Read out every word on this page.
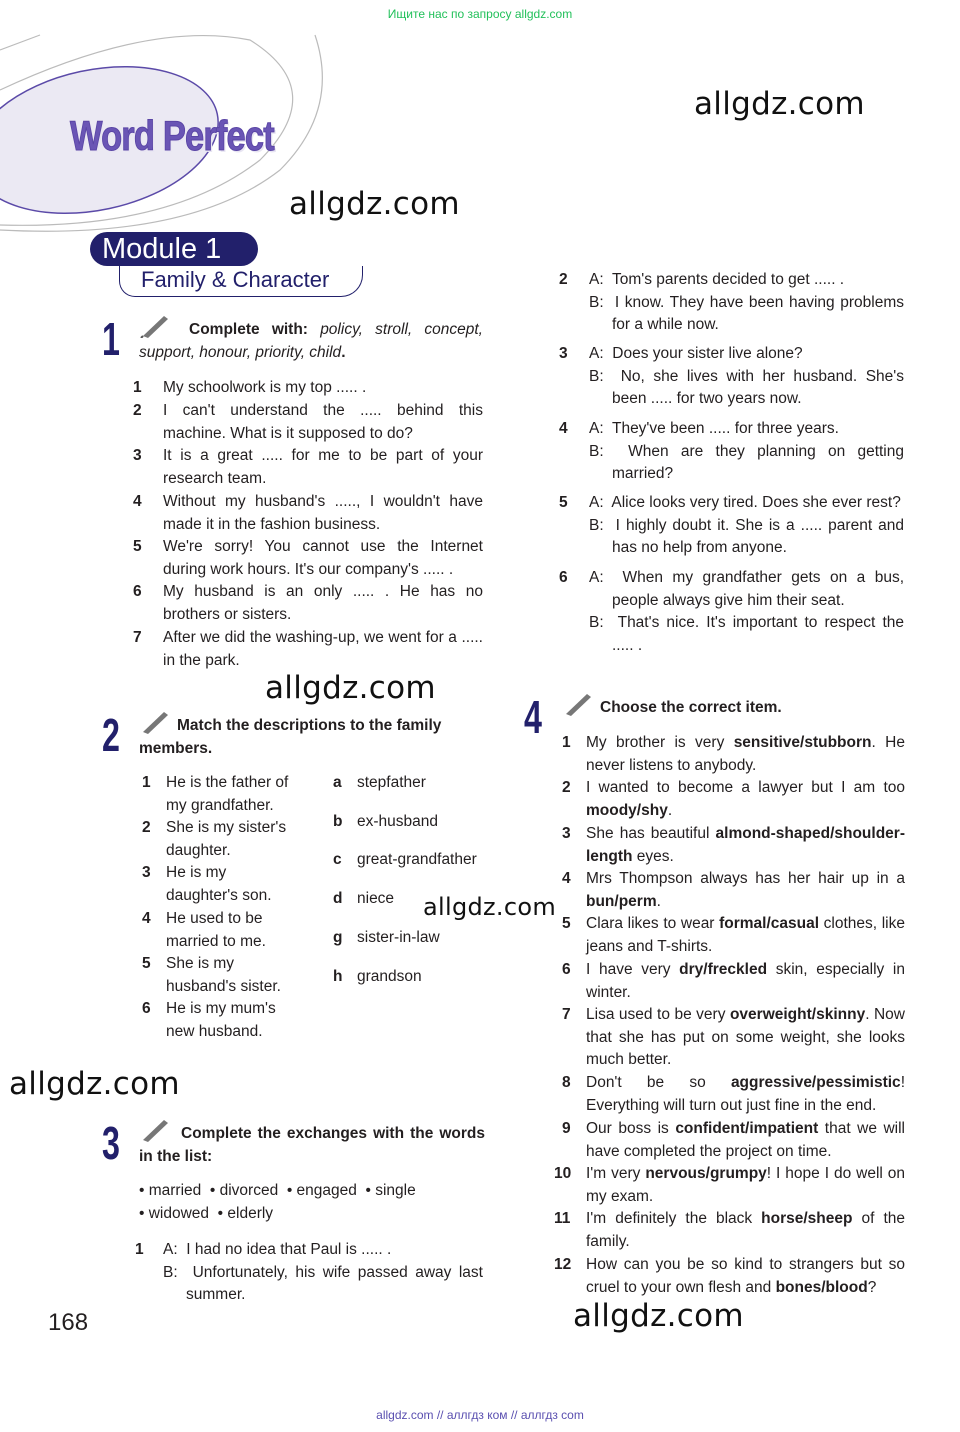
Ищите нас по запросу allgdz.com
Word Perfect
allgdz.com
allgdz.com
allgdz.com
allgdz.com
allgdz.com
allgdz.com
Module 1
Family & Character
1	Complete with: policy, stroll, concept, support, honour, priority, child.
1 My schoolwork is my top ..... .
2 I can't understand the ..... behind this machine. What is it supposed to do?
3 It is a great ..... for me to be part of your research team.
4 Without my husband's ....., I wouldn't have made it in the fashion business.
5 We're sorry! You cannot use the Internet during work hours. It's our company's ..... .
6 My husband is an only ..... . He has no brothers or sisters.
7 After we did the washing-up, we went for a ..... in the park.
2	Match the descriptions to the family members.
1 He is the father of my grandfather.
2 She is my sister's daughter.
3 He is my daughter's son.
4 He used to be married to me.
5 She is my husband's sister.
6 He is my mum's new husband.
a stepfather
b ex-husband
c great-grandfather
d niece
g sister-in-law
h grandson
3	Complete the exchanges with the words in the list:
• married  • divorced  • engaged  • single
• widowed  • elderly
1 A:  I had no idea that Paul is ..... .
B:  Unfortunately, his wife passed away last summer.
2 A:  Tom's parents decided to get ..... .
B:  I know. They have been having problems for a while now.
3 A:  Does your sister live alone?
B:  No, she lives with her husband. She's been ..... for two years now.
4 A:  They've been ..... for three years.
B:  When are they planning on getting married?
5 A:  Alice looks very tired. Does she ever rest?
B:  I highly doubt it. She is a ..... parent and has no help from anyone.
6 A:  When my grandfather gets on a bus, people always give him their seat.
B:  That's nice. It's important to respect the ..... .
4	Choose the correct item.
1 My brother is very sensitive/stubborn. He never listens to anybody.
2 I wanted to become a lawyer but I am too moody/shy.
3 She has beautiful almond-shaped/shoulder-length eyes.
4 Mrs Thompson always has her hair up in a bun/perm.
5 Clara likes to wear formal/casual clothes, like jeans and T-shirts.
6 I have very dry/freckled skin, especially in winter.
7 Lisa used to be very overweight/skinny. Now that she has put on some weight, she looks much better.
8 Don't be so aggressive/pessimistic! Everything will turn out just fine in the end.
9 Our boss is confident/impatient that we will have completed the project on time.
10 I'm very nervous/grumpy! I hope I do well on my exam.
11 I'm definitely the black horse/sheep of the family.
12 How can you be so kind to strangers but so cruel to your own flesh and bones/blood?
168
allgdz.com // аллгдз ком // аллгдз com
